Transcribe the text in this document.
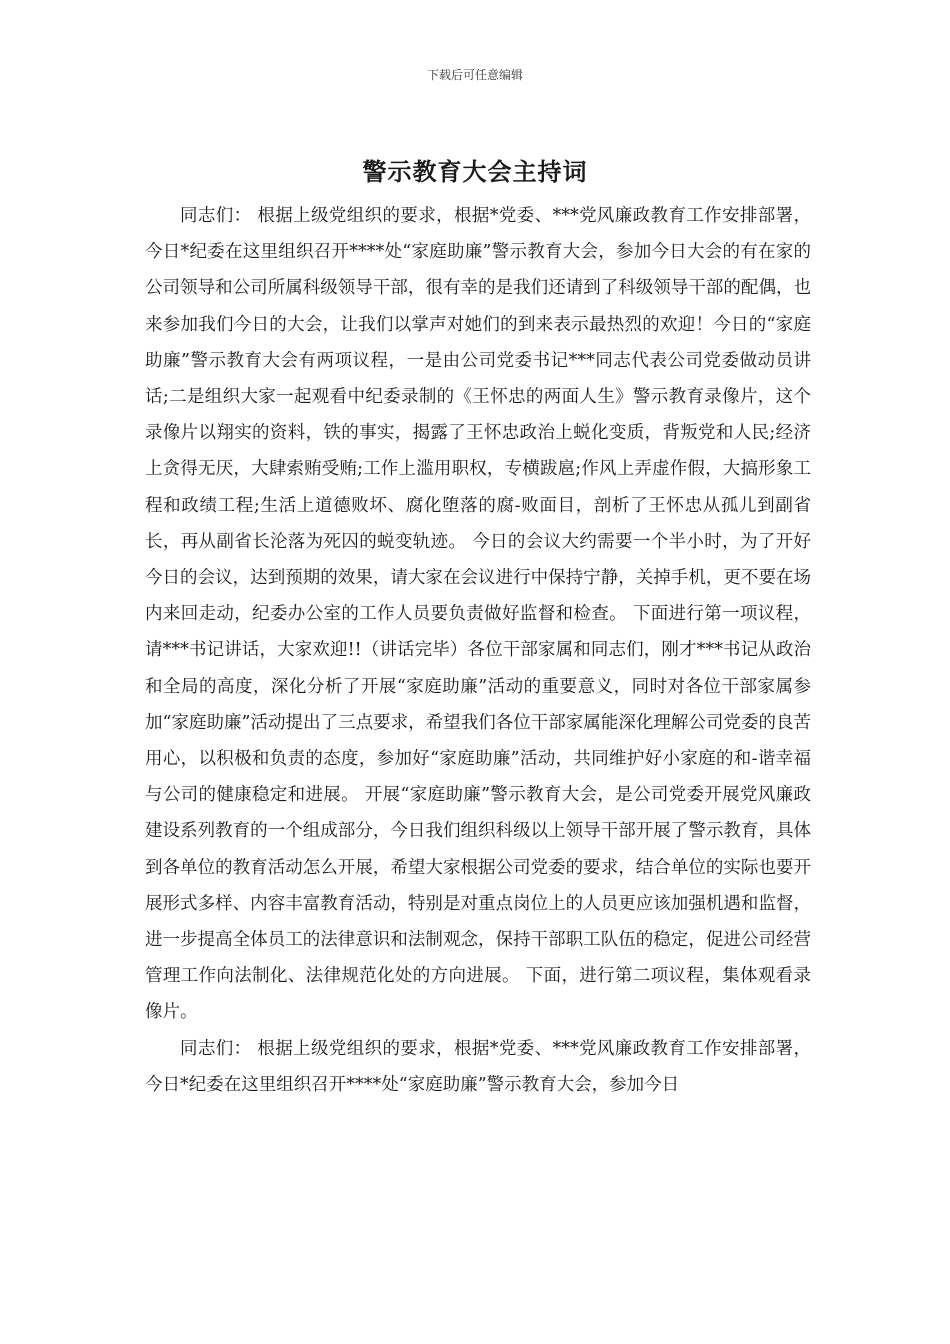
下载后可任意编辑
警示教育大会主持词

同志们： 根据上级党组织的要求，根据*党委、***党风廉政教育工作安排部署，今日*纪委在这里组织召开****处“家庭助廉”警示教育大会，参加今日大会的有在家的公司领导和公司所属科级领导干部，很有幸的是我们还请到了科级领导干部的配偶，也来参加我们今日的大会，让我们以掌声对她们的到来表示最热烈的欢迎！今日的“家庭助廉”警示教育大会有两项议程，一是由公司党委书记***同志代表公司党委做动员讲话;二是组织大家一起观看中纪委录制的《王怀忠的两面人生》警示教育录像片，这个录像片以翔实的资料，铁的事实，揭露了王怀忠政治上蜕化变质，背叛党和人民;经济上贪得无厌，大肆索贿受贿;工作上滥用职权，专横跋扈;作风上弄虚作假，大搞形象工程和政绩工程;生活上道德败坏、腐化堕落的腐-败面目，剖析了王怀忠从孤儿到副省长，再从副省长沦落为死囚的蜕变轨迹。 今日的会议大约需要一个半小时，为了开好今日的会议，达到预期的效果，请大家在会议进行中保持宁静，关掉手机，更不要在场内来回走动，纪委办公室的工作人员要负责做好监督和检查。 下面进行第一项议程，请***书记讲话，大家欢迎!!（讲话完毕）各位干部家属和同志们，刚才***书记从政治和全局的高度，深化分析了开展“家庭助廉”活动的重要意义，同时对各位干部家属参加“家庭助廉”活动提出了三点要求，希望我们各位干部家属能深化理解公司党委的良苦用心，以积极和负责的态度，参加好“家庭助廉”活动，共同维护好小家庭的和-谐幸福与公司的健康稳定和进展。 开展“家庭助廉”警示教育大会，是公司党委开展党风廉政建设系列教育的一个组成部分，今日我们组织科级以上领导干部开展了警示教育，具体到各单位的教育活动怎么开展，希望大家根据公司党委的要求，结合单位的实际也要开展形式多样、内容丰富教育活动，特别是对重点岗位上的人员更应该加强机遇和监督，进一步提高全体员工的法律意识和法制观念，保持干部职工队伍的稳定，促进公司经营管理工作向法制化、法律规范化处的方向进展。 下面，进行第二项议程，集体观看录像片。

同志们： 根据上级党组织的要求，根据*党委、***党风廉政教育工作安排部署，今日*纪委在这里组织召开****处“家庭助廉”警示教育大会，参加今日
